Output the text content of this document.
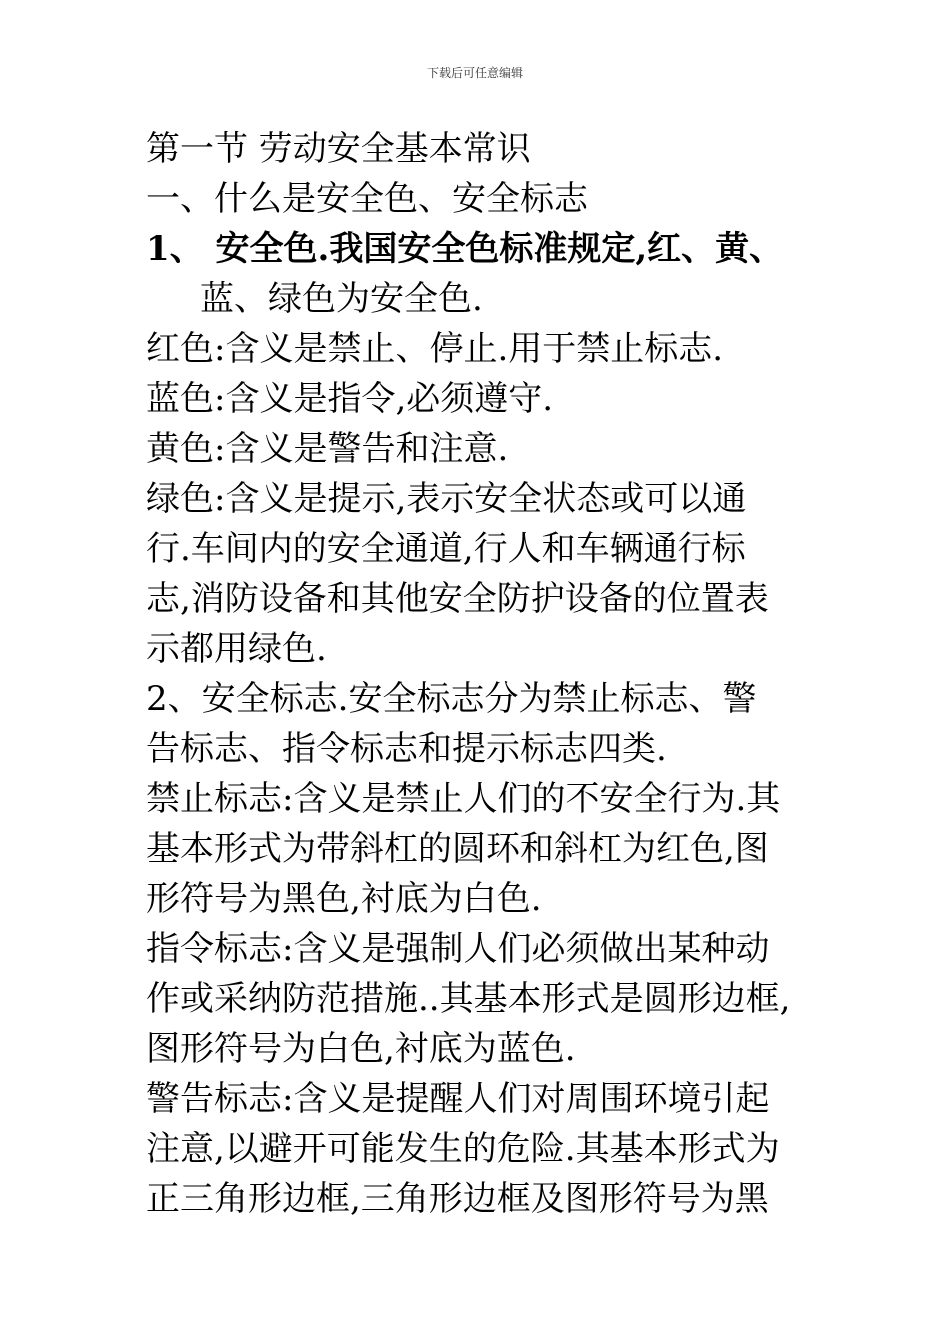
下载后可任意编辑
第一节 劳动安全基本常识
一、什么是安全色、安全标志
1、 安全色.我国安全色标准规定,红、黄、
蓝、绿色为安全色.
红色:含义是禁止、停止.用于禁止标志.
蓝色:含义是指令,必须遵守.
黄色:含义是警告和注意.
绿色:含义是提示,表示安全状态或可以通
行.车间内的安全通道,行人和车辆通行标
志,消防设备和其他安全防护设备的位置表
示都用绿色.
2、安全标志.安全标志分为禁止标志、警
告标志、指令标志和提示标志四类.
禁止标志:含义是禁止人们的不安全行为.其
基本形式为带斜杠的圆环和斜杠为红色,图
形符号为黑色,衬底为白色.
指令标志:含义是强制人们必须做出某种动
作或采纳防范措施..其基本形式是圆形边框,
图形符号为白色,衬底为蓝色.
警告标志:含义是提醒人们对周围环境引起
注意,以避开可能发生的危险.其基本形式为
正三角形边框,三角形边框及图形符号为黑
